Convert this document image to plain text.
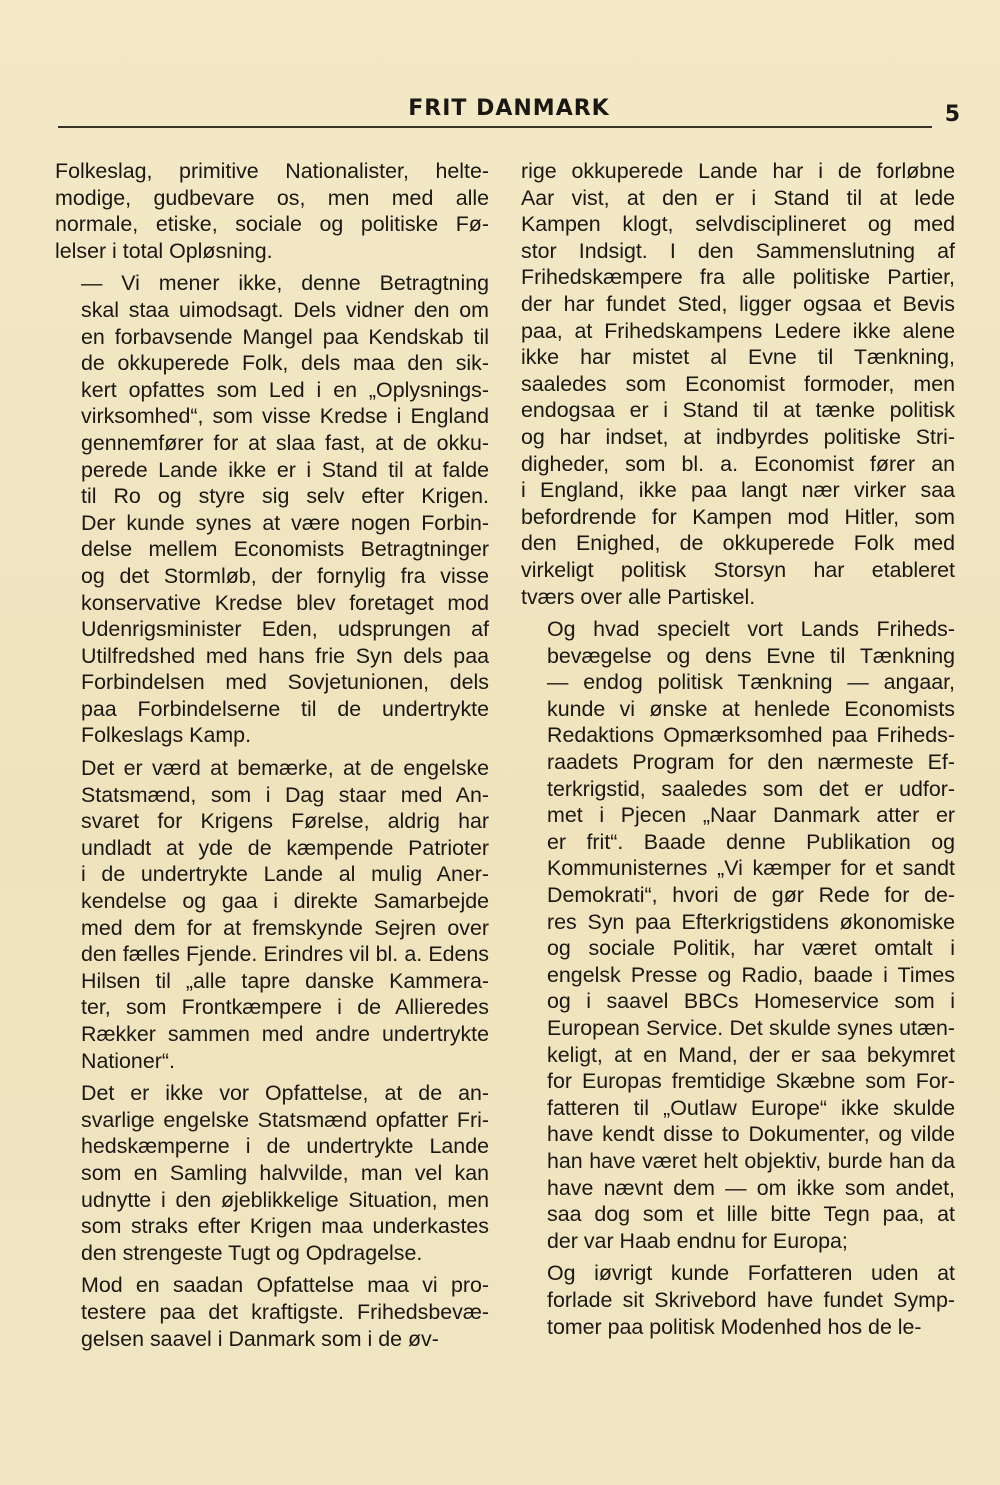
FRIT DANMARK	5

Folkeslag, primitive Nationalister, helte-
modige, gudbevare os, men med alle
normale, etiske, sociale og politiske Fø-
lelser i total Opløsning.

— Vi mener ikke, denne Betragtning
skal staa uimodsagt. Dels vidner den om
en forbavsende Mangel paa Kendskab til
de okkuperede Folk, dels maa den sik-
kert opfattes som Led i en „Oplysnings-
virksomhed“, som visse Kredse i England
gennemfører for at slaa fast, at de okku-
perede Lande ikke er i Stand til at falde
til Ro og styre sig selv efter Krigen.
Der kunde synes at være nogen Forbin-
delse mellem Economists Betragtninger
og det Stormløb, der fornylig fra visse
konservative Kredse blev foretaget mod
Udenrigsminister Eden, udsprungen af
Utilfredshed med hans frie Syn dels paa
Forbindelsen med Sovjetunionen, dels
paa Forbindelserne til de undertrykte
Folkeslags Kamp.

Det er værd at bemærke, at de engelske
Statsmænd, som i Dag staar med An-
svaret for Krigens Førelse, aldrig har
undladt at yde de kæmpende Patrioter
i de undertrykte Lande al mulig Aner-
kendelse og gaa i direkte Samarbejde
med dem for at fremskynde Sejren over
den fælles Fjende. Erindres vil bl. a. Edens
Hilsen til „alle tapre danske Kammera-
ter, som Frontkæmpere i de Allieredes
Rækker sammen med andre undertrykte
Nationer“.

Det er ikke vor Opfattelse, at de an-
svarlige engelske Statsmænd opfatter Fri-
hedskæmperne i de undertrykte Lande
som en Samling halvvilde, man vel kan
udnytte i den øjeblikkelige Situation, men
som straks efter Krigen maa underkastes
den strengeste Tugt og Opdragelse.

Mod en saadan Opfattelse maa vi pro-
testere paa det kraftigste. Frihedsbevæ-
gelsen saavel i Danmark som i de øv-

rige okkuperede Lande har i de forløbne
Aar vist, at den er i Stand til at lede
Kampen klogt, selvdisciplineret og med
stor Indsigt. I den Sammenslutning af
Frihedskæmpere fra alle politiske Partier,
der har fundet Sted, ligger ogsaa et Bevis
paa, at Frihedskampens Ledere ikke alene
ikke har mistet al Evne til Tænkning,
saaledes som Economist formoder, men
endogsaa er i Stand til at tænke politisk
og har indset, at indbyrdes politiske Stri-
digheder, som bl. a. Economist fører an
i England, ikke paa langt nær virker saa
befordrende for Kampen mod Hitler, som
den Enighed, de okkuperede Folk med
virkeligt politisk Storsyn har etableret
tværs over alle Partiskel.

Og hvad specielt vort Lands Friheds-
bevægelse og dens Evne til Tænkning
— endog politisk Tænkning — angaar,
kunde vi ønske at henlede Economists
Redaktions Opmærksomhed paa Friheds-
raadets Program for den nærmeste Ef-
terkrigstid, saaledes som det er udfor-
met i Pjecen „Naar Danmark atter er
er frit“. Baade denne Publikation og
Kommunisternes „Vi kæmper for et sandt
Demokrati“, hvori de gør Rede for de-
res Syn paa Efterkrigstidens økonomiske
og sociale Politik, har været omtalt i
engelsk Presse og Radio, baade i Times
og i saavel BBCs Homeservice som i
European Service. Det skulde synes utæn-
keligt, at en Mand, der er saa bekymret
for Europas fremtidige Skæbne som For-
fatteren til „Outlaw Europe“ ikke skulde
have kendt disse to Dokumenter, og vilde
han have været helt objektiv, burde han da
have nævnt dem — om ikke som andet,
saa dog som et lille bitte Tegn paa, at
der var Haab endnu for Europa;

Og iøvrigt kunde Forfatteren uden at
forlade sit Skrivebord have fundet Symp-
tomer paa politisk Modenhed hos de le-
